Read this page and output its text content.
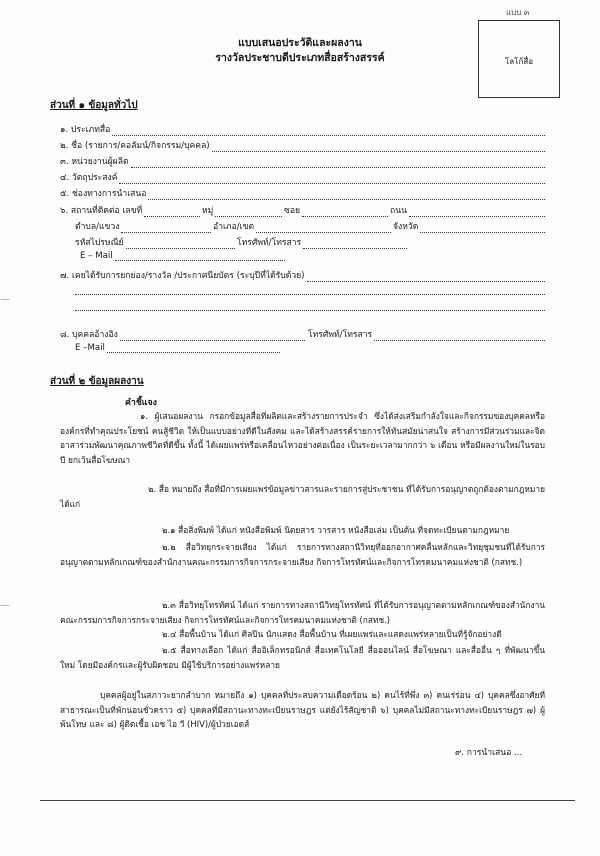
แบบ ๓
โลโก้สื่อ
แบบเสนอประวัติและผลงาน
รางวัลประชาบดีประเภทสื่อสร้างสรรค์
ส่วนที่ ๑ ข้อมูลทั่วไป
๑. ประเภทสื่อ
๒. ชื่อ (รายการ/คอลัมน์/กิจกรรม/บุคคล)
๓. หน่วยงานผู้ผลิต
๔. วัตถุประสงค์
๕. ช่องทางการนำเสนอ
๖. สถานที่ติดต่อ เลขที่	หมู่	ซอย	ถนน
ตำบล/แขวง	อำเภอ/เขต	จังหวัด
รหัสไปรษณีย์	โทรศัพท์/โทรสาร
E – Mail
๗. เคยได้รับการยกย่อง/รางวัล /ประกาศนียบัตร (ระบุปีที่ได้รับด้วย)
๘. บุคคลอ้างอิง	โทรศัพท์/โทรสาร
E –Mail
ส่วนที่ ๒ ข้อมูลผลงาน
คำชี้แจง
๑. ผู้เสนอผลงาน กรอกข้อมูลสื่อที่ผลิตและสร้างรายการประจำ ซึ่งได้ส่งเสริมกำลังใจและกิจกรรมของบุคคลหรือองค์กรที่ทำคุณประโยชน์ คนสู้ชีวิต ให้เป็นแบบอย่างที่ดีในสังคม และได้สร้างสรรค์รายการให้ทันสมัยน่าสนใจ สร้างการมีส่วนร่วมและจิตอาสาร่วมพัฒนาคุณภาพชีวิตที่ดีขึ้น ทั้งนี้ ได้เผยแพร่หรือเคลื่อนไหวอย่างต่อเนื่อง เป็นระยะเวลามากกว่า ๖ เดือน หรือมีผลงานใหม่ในรอบปี ยกเว้นสื่อโฆษณา
๒. สื่อ หมายถึง สื่อที่มีการเผยแพร่ข้อมูลข่าวสารและรายการสู่ประชาชน ที่ได้รับการอนุญาตถูกต้องตามกฎหมาย ได้แก่
๒.๑ สื่อสิ่งพิมพ์ ได้แก่ หนังสือพิมพ์ นิตยสาร วารสาร หนังสือเล่ม เป็นต้น ที่จดทะเบียนตามกฎหมาย
๒.๒ สื่อวิทยุกระจายเสียง ได้แก่ รายการทางสถานีวิทยุที่ออกอากาศคลื่นหลักและวิทยุชุมชนที่ได้รับการอนุญาตตามหลักเกณฑ์ของสำนักงานคณะกรรมการกิจการกระจายเสียง กิจการโทรทัศน์และกิจการโทรคมนาคมแห่งชาติ (กสทช.)
๒.๓ สื่อวิทยุโทรทัศน์ ได้แก่ รายการทางสถานีวิทยุโทรทัศน์ ที่ได้รับการอนุญาตตามหลักเกณฑ์ของสำนักงานคณะกรรมการกิจการกระจายเสียง กิจการโทรทัศน์และกิจการโทรคมนาคมแห่งชาติ (กสทช.)
๒.๔ สื่อพื้นบ้าน ได้แก่ ศิลปิน นักแสดง สื่อพื้นบ้าน ที่เผยแพร่และแสดงแพร่หลายเป็นที่รู้จักอย่างดี
๒.๕ สื่อทางเลือก ได้แก่ สื่ออิเล็กทรอนิกส์ สื่อเทคโนโลยี สื่อออนไลน์ สื่อโฆษณา และสื่ออื่น ๆ ที่พัฒนาขึ้นใหม่ โดยมีองค์กรและผู้รับผิดชอบ มีผู้ใช้บริการอย่างแพร่หลาย
บุคคลผู้อยู่ในสภาวะยากลำบาก หมายถึง ๑) บุคคลที่ประสบความเดือดร้อน ๒) คนไร้ที่พึ่ง ๓) คนเร่ร่อน ๔) บุคคลซึ่งอาศัยที่สาธารณะเป็นที่พักนอนชั่วคราว ๕) บุคคลที่มีสถานะทางทะเบียนราษฎร แต่ยังไร้สัญชาติ ๖) บุคคลไม่มีสถานะทางทะเบียนราษฎร ๗) ผู้พ้นโทษ และ ๘) ผู้ติดเชื้อ เอช ไอ วี (HIV)/ผู้ป่วยเอดส์
๙. การนำเสนอ ...
—
—
